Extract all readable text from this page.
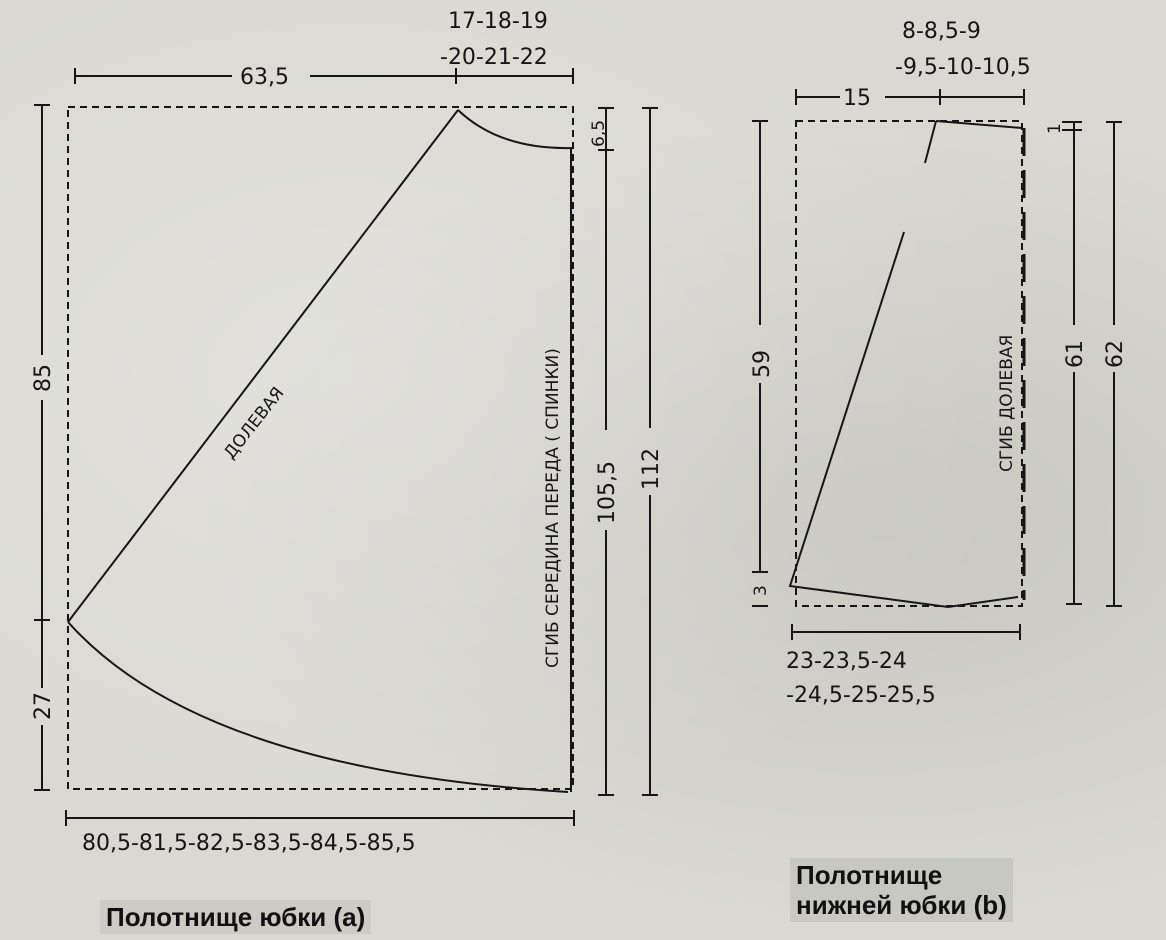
63,5
17-18-19
-20-21-22
6,5
85
27
105,5 112
80,5-81,5-82,5-83,5-84,5-85,5
ДОЛЕВАЯ	СГИБ СЕРЕДИНА ПЕРЕДА ( СПИНКИ)
8-8,5-9
-9,5-10-10,5
15
1
59
3
СГИБ ДОЛЕВАЯ 61 62
23-23,5-24
-24,5-25-25,5
Полотнище юбки (a)
Полотнище
нижней юбки (b)
